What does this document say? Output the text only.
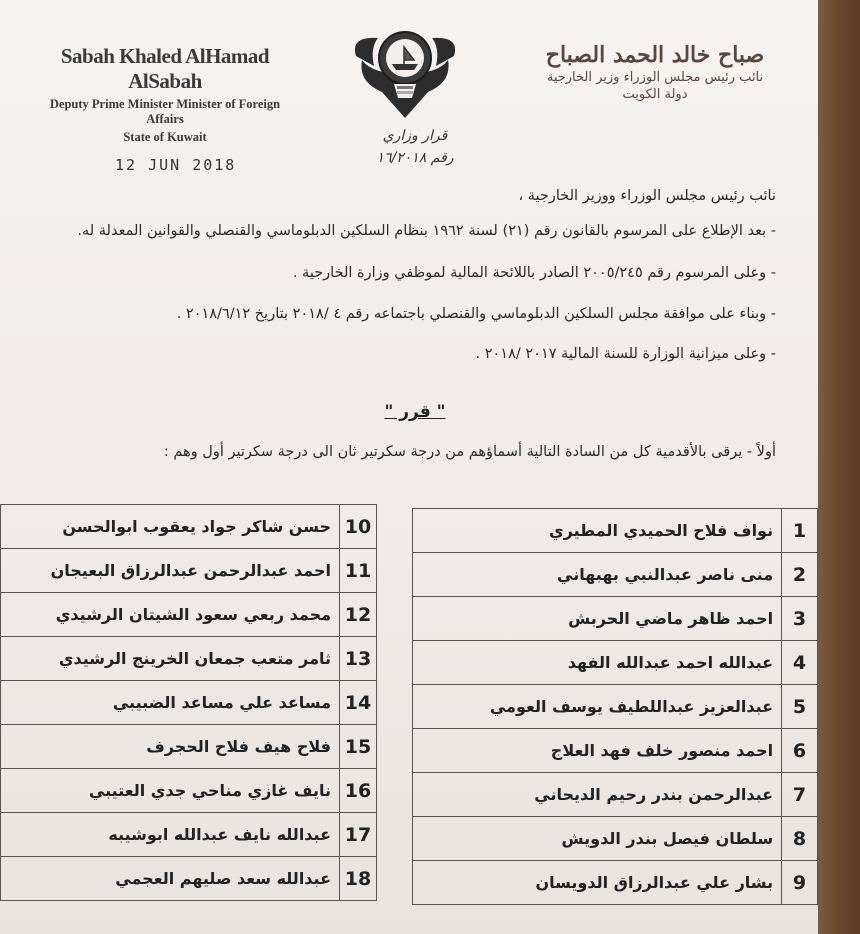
Sabah Khaled AlHamad AlSabah
Deputy Prime Minister Minister of Foreign Affairs
State of Kuwait
صباح خالد الحمد الصباح
نائب رئيس مجلس الوزراء وزير الخارجية
دولة الكويت
قرار وزاري
رقم ١٦/٢٠١٨
12 JUN 2018
نائب رئيس مجلس الوزراء ووزير الخارجية ،
- بعد الإطلاع على المرسوم بالقانون رقم (٢١) لسنة ١٩٦٢ بنظام السلكين الدبلوماسي والقنصلي والقوانين المعدلة له.
- وعلى المرسوم رقم ٢٠٠٥/٢٤٥ الصادر باللائحة المالية لموظفي وزارة الخارجية .
- وبناء على موافقة مجلس السلكين الدبلوماسي والقنصلي باجتماعه رقم ٤ /٢٠١٨ بتاريخ ٢٠١٨/٦/١٢ .
- وعلى ميزانية الوزارة للسنة المالية ٢٠١٧ /٢٠١٨ .
" قرر "
أولاً - يرقى بالأقدمية كل من السادة التالية أسماؤهم من درجة سكرتير ثان الى درجة سكرتير أول وهم :
حسن شاكر جواد يعقوب ابوالحسن	10
احمد عبدالرحمن عبدالرزاق البعيجان	11
محمد ربعي سعود الشيتان الرشيدي	12
ثامر متعب جمعان الخرينج الرشيدي	13
مساعد علي مساعد الضبيبي	14
فلاح هيف فلاح الحجرف	15
نايف غازي مناحي جدي العتيبي	16
عبدالله نايف عبدالله ابوشيبه	17
عبدالله سعد صليهم العجمي	18
نواف فلاح الحميدي المطيري	1
منى ناصر عبدالنبي بهبهاني	2
احمد ظاهر ماضي الحربش	3
عبدالله احمد عبدالله الفهد	4
عبدالعزيز عبداللطيف يوسف العومي	5
احمد منصور خلف فهد العلاج	6
عبدالرحمن بندر رحيم الديحاني	7
سلطان فيصل بندر الدويش	8
بشار علي عبدالرزاق الدويسان	9
